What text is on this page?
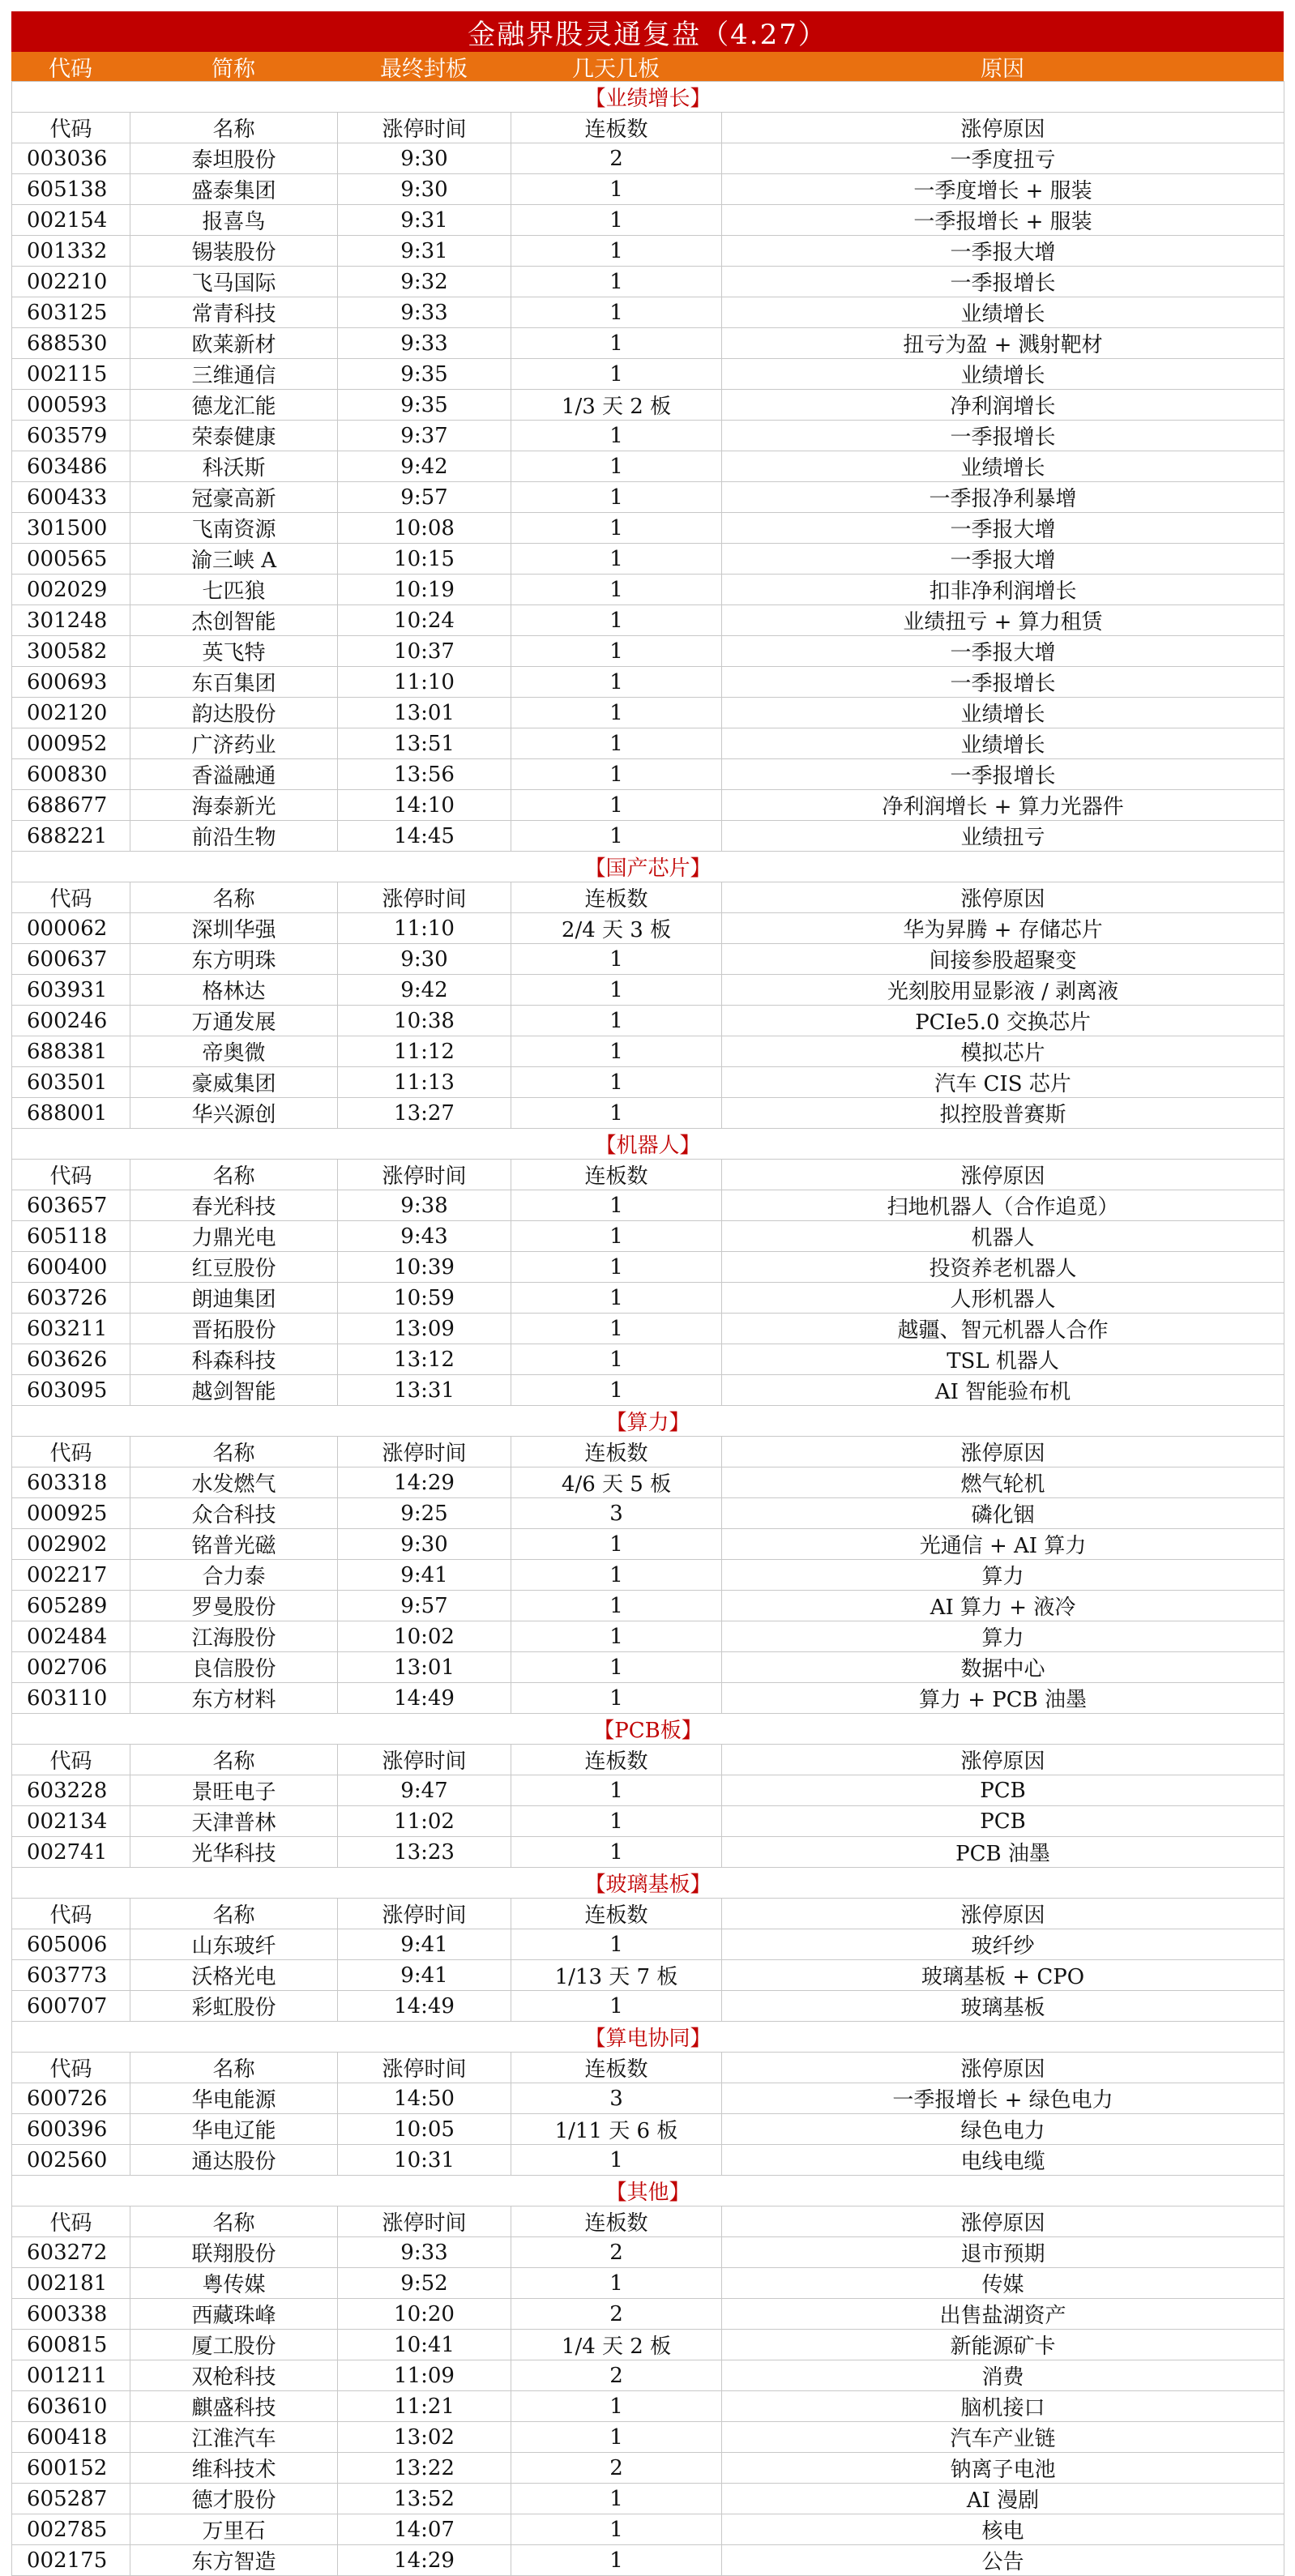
金融界股灵通复盘（4.27）
代码	简称	最终封板	几天几板	原因
【业绩增长】				
代码	名称	涨停时间	连板数	涨停原因
003036	泰坦股份	9:30	2	一季度扭亏
605138	盛泰集团	9:30	1	一季度增长 + 服装
002154	报喜鸟	9:31	1	一季报增长 + 服装
001332	锡装股份	9:31	1	一季报大增
002210	飞马国际	9:32	1	一季报增长
603125	常青科技	9:33	1	业绩增长
688530	欧莱新材	9:33	1	扭亏为盈 + 溅射靶材
002115	三维通信	9:35	1	业绩增长
000593	德龙汇能	9:35	1/3 天 2 板	净利润增长
603579	荣泰健康	9:37	1	一季报增长
603486	科沃斯	9:42	1	业绩增长
600433	冠豪高新	9:57	1	一季报净利暴增
301500	飞南资源	10:08	1	一季报大增
000565	渝三峡 A	10:15	1	一季报大增
002029	七匹狼	10:19	1	扣非净利润增长
301248	杰创智能	10:24	1	业绩扭亏 + 算力租赁
300582	英飞特	10:37	1	一季报大增
600693	东百集团	11:10	1	一季报增长
002120	韵达股份	13:01	1	业绩增长
000952	广济药业	13:51	1	业绩增长
600830	香溢融通	13:56	1	一季报增长
688677	海泰新光	14:10	1	净利润增长 + 算力光器件
688221	前沿生物	14:45	1	业绩扭亏
【国产芯片】				
代码	名称	涨停时间	连板数	涨停原因
000062	深圳华强	11:10	2/4 天 3 板	华为昇腾 + 存储芯片
600637	东方明珠	9:30	1	间接参股超聚变
603931	格林达	9:42	1	光刻胶用显影液 / 剥离液
600246	万通发展	10:38	1	PCIe5.0 交换芯片
688381	帝奥微	11:12	1	模拟芯片
603501	豪威集团	11:13	1	汽车 CIS 芯片
688001	华兴源创	13:27	1	拟控股普赛斯
【机器人】				
代码	名称	涨停时间	连板数	涨停原因
603657	春光科技	9:38	1	扫地机器人（合作追觅）
605118	力鼎光电	9:43	1	机器人
600400	红豆股份	10:39	1	投资养老机器人
603726	朗迪集团	10:59	1	人形机器人
603211	晋拓股份	13:09	1	越疆、智元机器人合作
603626	科森科技	13:12	1	TSL 机器人
603095	越剑智能	13:31	1	AI 智能验布机
【算力】				
代码	名称	涨停时间	连板数	涨停原因
603318	水发燃气	14:29	4/6 天 5 板	燃气轮机
000925	众合科技	9:25	3	磷化铟
002902	铭普光磁	9:30	1	光通信 + AI 算力
002217	合力泰	9:41	1	算力
605289	罗曼股份	9:57	1	AI 算力 + 液冷
002484	江海股份	10:02	1	算力
002706	良信股份	13:01	1	数据中心
603110	东方材料	14:49	1	算力 + PCB 油墨
【PCB板】				
代码	名称	涨停时间	连板数	涨停原因
603228	景旺电子	9:47	1	PCB
002134	天津普林	11:02	1	PCB
002741	光华科技	13:23	1	PCB 油墨
【玻璃基板】				
代码	名称	涨停时间	连板数	涨停原因
605006	山东玻纤	9:41	1	玻纤纱
603773	沃格光电	9:41	1/13 天 7 板	玻璃基板 + CPO
600707	彩虹股份	14:49	1	玻璃基板
【算电协同】				
代码	名称	涨停时间	连板数	涨停原因
600726	华电能源	14:50	3	一季报增长 + 绿色电力
600396	华电辽能	10:05	1/11 天 6 板	绿色电力
002560	通达股份	10:31	1	电线电缆
【其他】				
代码	名称	涨停时间	连板数	涨停原因
603272	联翔股份	9:33	2	退市预期
002181	粤传媒	9:52	1	传媒
600338	西藏珠峰	10:20	2	出售盐湖资产
600815	厦工股份	10:41	1/4 天 2 板	新能源矿卡
001211	双枪科技	11:09	2	消费
603610	麒盛科技	11:21	1	脑机接口
600418	江淮汽车	13:02	1	汽车产业链
600152	维科技术	13:22	2	钠离子电池
605287	德才股份	13:52	1	AI 漫剧
002785	万里石	14:07	1	核电
002175	东方智造	14:29	1	公告
